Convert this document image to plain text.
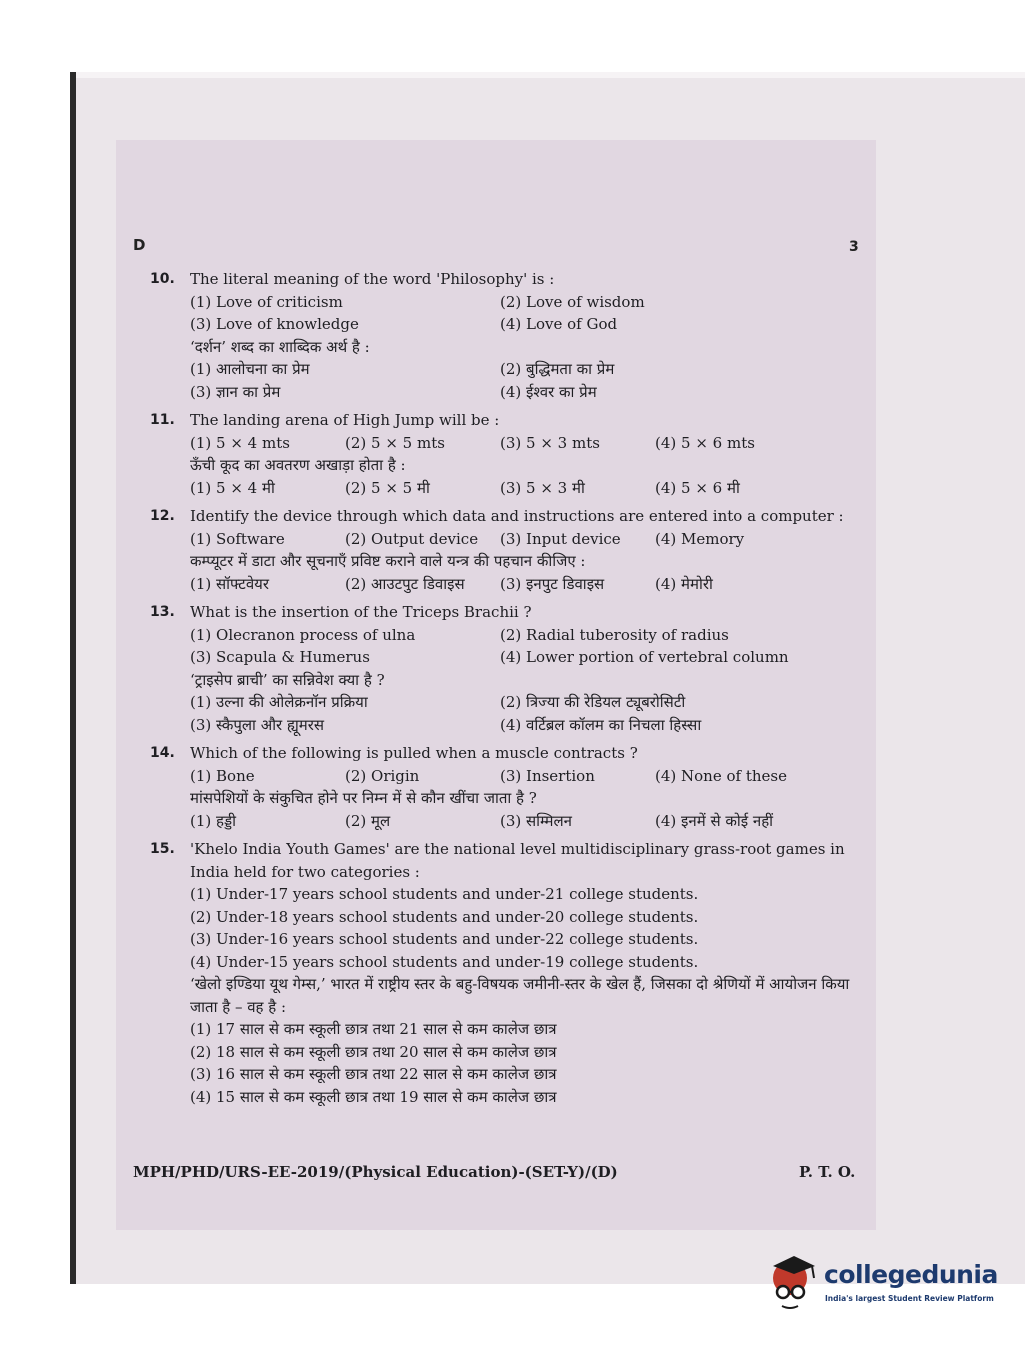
D	3
10. The literal meaning of the word 'Philosophy' is :
(1) Love of criticism	(2) Love of wisdom
(3) Love of knowledge	(4) Love of God
‘दर्शन’ शब्द का शाब्दिक अर्थ है :
(1) आलोचना का प्रेम	(2) बुद्धिमता का प्रेम
(3) ज्ञान का प्रेम	(4) ईश्वर का प्रेम
11. The landing arena of High Jump will be :
(1) 5 × 4 mts	(2) 5 × 5 mts	(3) 5 × 3 mts	(4) 5 × 6 mts
ऊँची कूद का अवतरण अखाड़ा होता है :
(1) 5 × 4 मी	(2) 5 × 5 मी	(3) 5 × 3 मी	(4) 5 × 6 मी
12. Identify the device through which data and instructions are entered into a computer :
(1) Software	(2) Output device	(3) Input device	(4) Memory
कम्प्यूटर में डाटा और सूचनाएँ प्रविष्ट कराने वाले यन्त्र की पहचान कीजिए :
(1) सॉफ्टवेयर	(2) आउटपुट डिवाइस	(3) इनपुट डिवाइस	(4) मेमोरी
13. What is the insertion of the Triceps Brachii ?
(1) Olecranon process of ulna	(2) Radial tuberosity of radius
(3) Scapula & Humerus	(4) Lower portion of vertebral column
‘ट्राइसेप ब्राची’ का सन्निवेश क्या है ?
(1) उल्ना की ओलेक्रनॉन प्रक्रिया	(2) त्रिज्या की रेडियल ट्यूबरोसिटी
(3) स्कैपुला और ह्यूमरस	(4) वर्टिब्रल कॉलम का निचला हिस्सा
14. Which of the following is pulled when a muscle contracts ?
(1) Bone	(2) Origin	(3) Insertion	(4) None of these
मांसपेशियों के संकुचित होने पर निम्न में से कौन खींचा जाता है ?
(1) हड्डी	(2) मूल	(3) सम्मिलन	(4) इनमें से कोई नहीं
15. 'Khelo India Youth Games' are the national level multidisciplinary grass-root games in India held for two categories :
(1) Under-17 years school students and under-21 college students.
(2) Under-18 years school students and under-20 college students.
(3) Under-16 years school students and under-22 college students.
(4) Under-15 years school students and under-19 college students.
‘खेलो इण्डिया यूथ गेम्स,’ भारत में राष्ट्रीय स्तर के बहु-विषयक जमीनी-स्तर के खेल हैं, जिसका दो श्रेणियों में आयोजन किया जाता है – वह है :
(1) 17 साल से कम स्कूली छात्र तथा 21 साल से कम कालेज छात्र
(2) 18 साल से कम स्कूली छात्र तथा 20 साल से कम कालेज छात्र
(3) 16 साल से कम स्कूली छात्र तथा 22 साल से कम कालेज छात्र
(4) 15 साल से कम स्कूली छात्र तथा 19 साल से कम कालेज छात्र
MPH/PHD/URS-EE-2019/(Physical Education)-(SET-Y)/(D)	P. T. O.
collegedunia
India's largest Student Review Platform
